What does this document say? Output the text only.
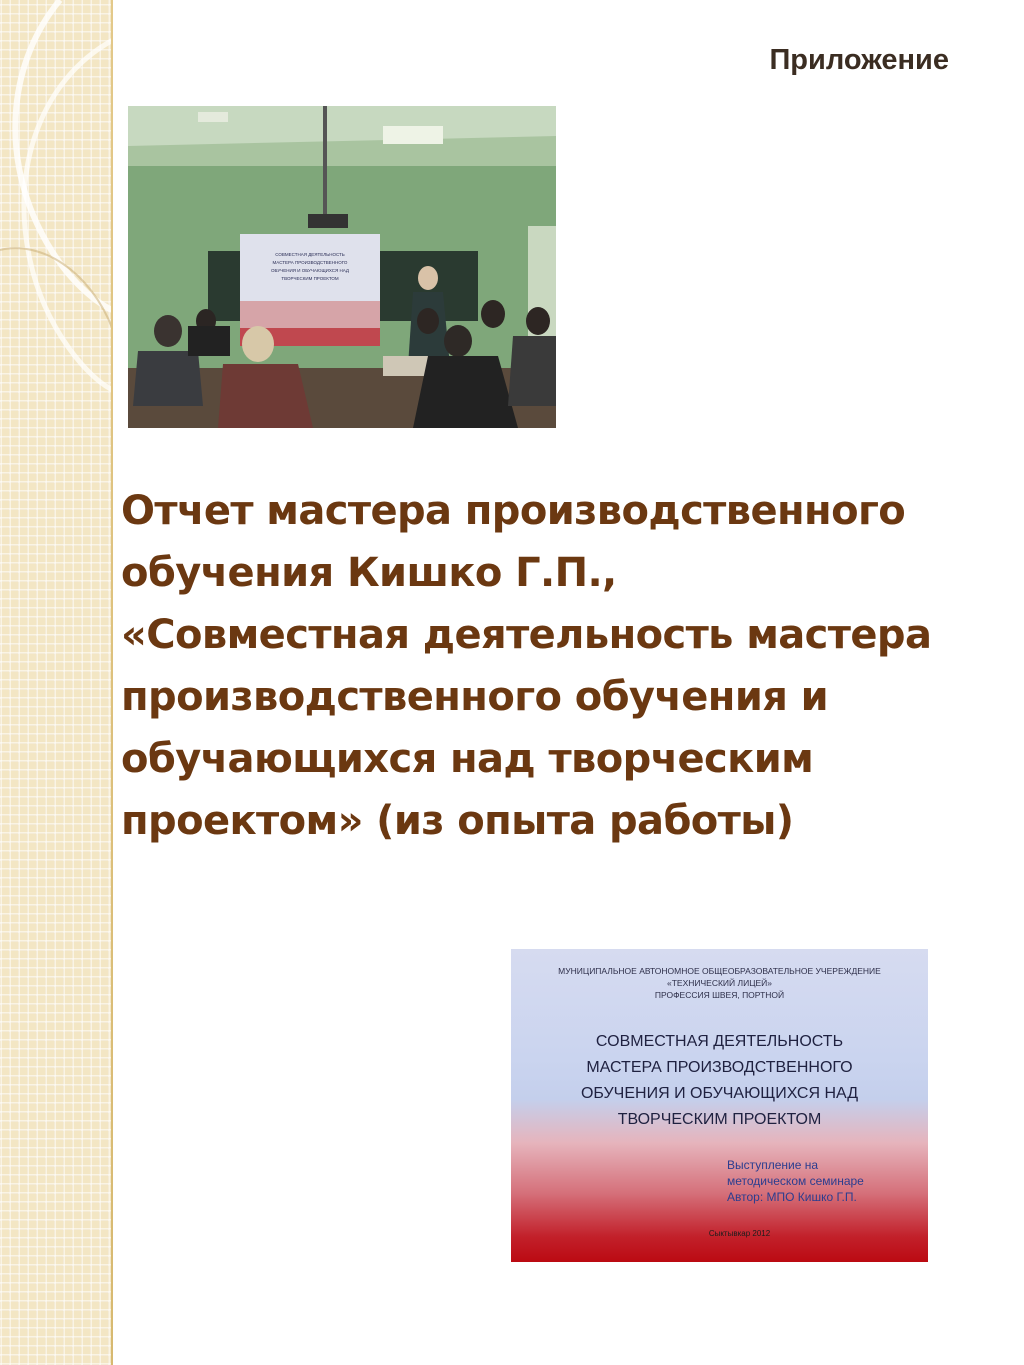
Приложение
СОВМЕСТНАЯ ДЕЯТЕЛЬНОСТЬ
МАСТЕРА ПРОИЗВОДСТВЕННОГО
ОБУЧЕНИЯ И ОБУЧАЮЩИХСЯ НАД
ТВОРЧЕСКИМ ПРОЕКТОМ
Отчет мастера производственного
обучения Кишко Г.П.,
«Совместная деятельность мастера
производственного обучения и
обучающихся над творческим
проектом» (из опыта работы)
МУНИЦИПАЛЬНОЕ АВТОНОМНОЕ ОБЩЕОБРАЗОВАТЕЛЬНОЕ УЧЕРЕЖДЕНИЕ
«ТЕХНИЧЕСКИЙ ЛИЦЕЙ»
ПРОФЕССИЯ ШВЕЯ, ПОРТНОЙ
СОВМЕСТНАЯ ДЕЯТЕЛЬНОСТЬ
МАСТЕРА ПРОИЗВОДСТВЕННОГО
ОБУЧЕНИЯ И ОБУЧАЮЩИХСЯ НАД
ТВОРЧЕСКИМ ПРОЕКТОМ
Выступление на
методическом семинаре
Автор: МПО Кишко Г.П.
Сыктывкар 2012
